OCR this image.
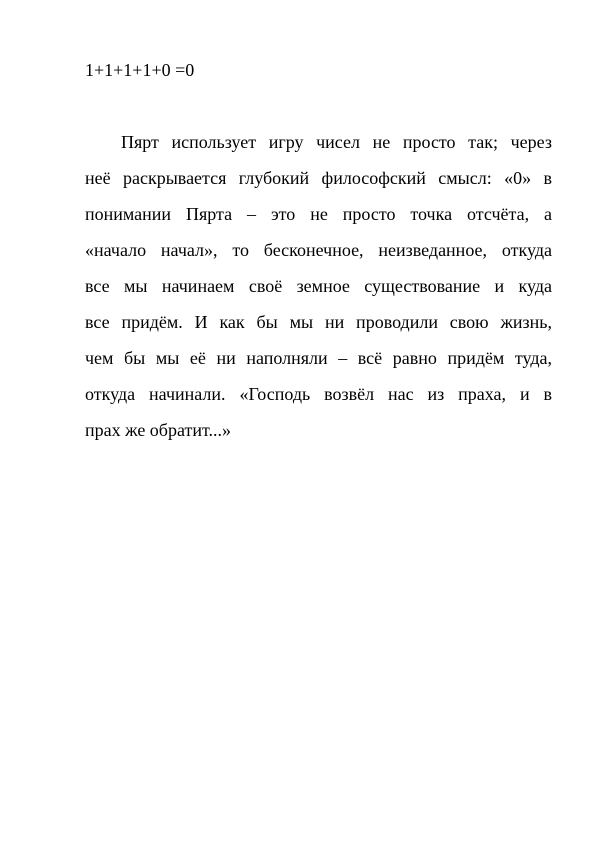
1+1+1+1+0 =0

Пярт использует игру чисел не просто так; через
неё раскрывается глубокий философский смысл: «0» в
понимании Пярта – это не просто точка отсчёта, а
«начало начал», то бесконечное, неизведанное, откуда
все мы начинаем своё земное существование и куда
все придём. И как бы мы ни проводили свою жизнь,
чем бы мы её ни наполняли – всё равно придём туда,
откуда начинали. «Господь возвёл нас из праха, и в
прах же обратит...»
